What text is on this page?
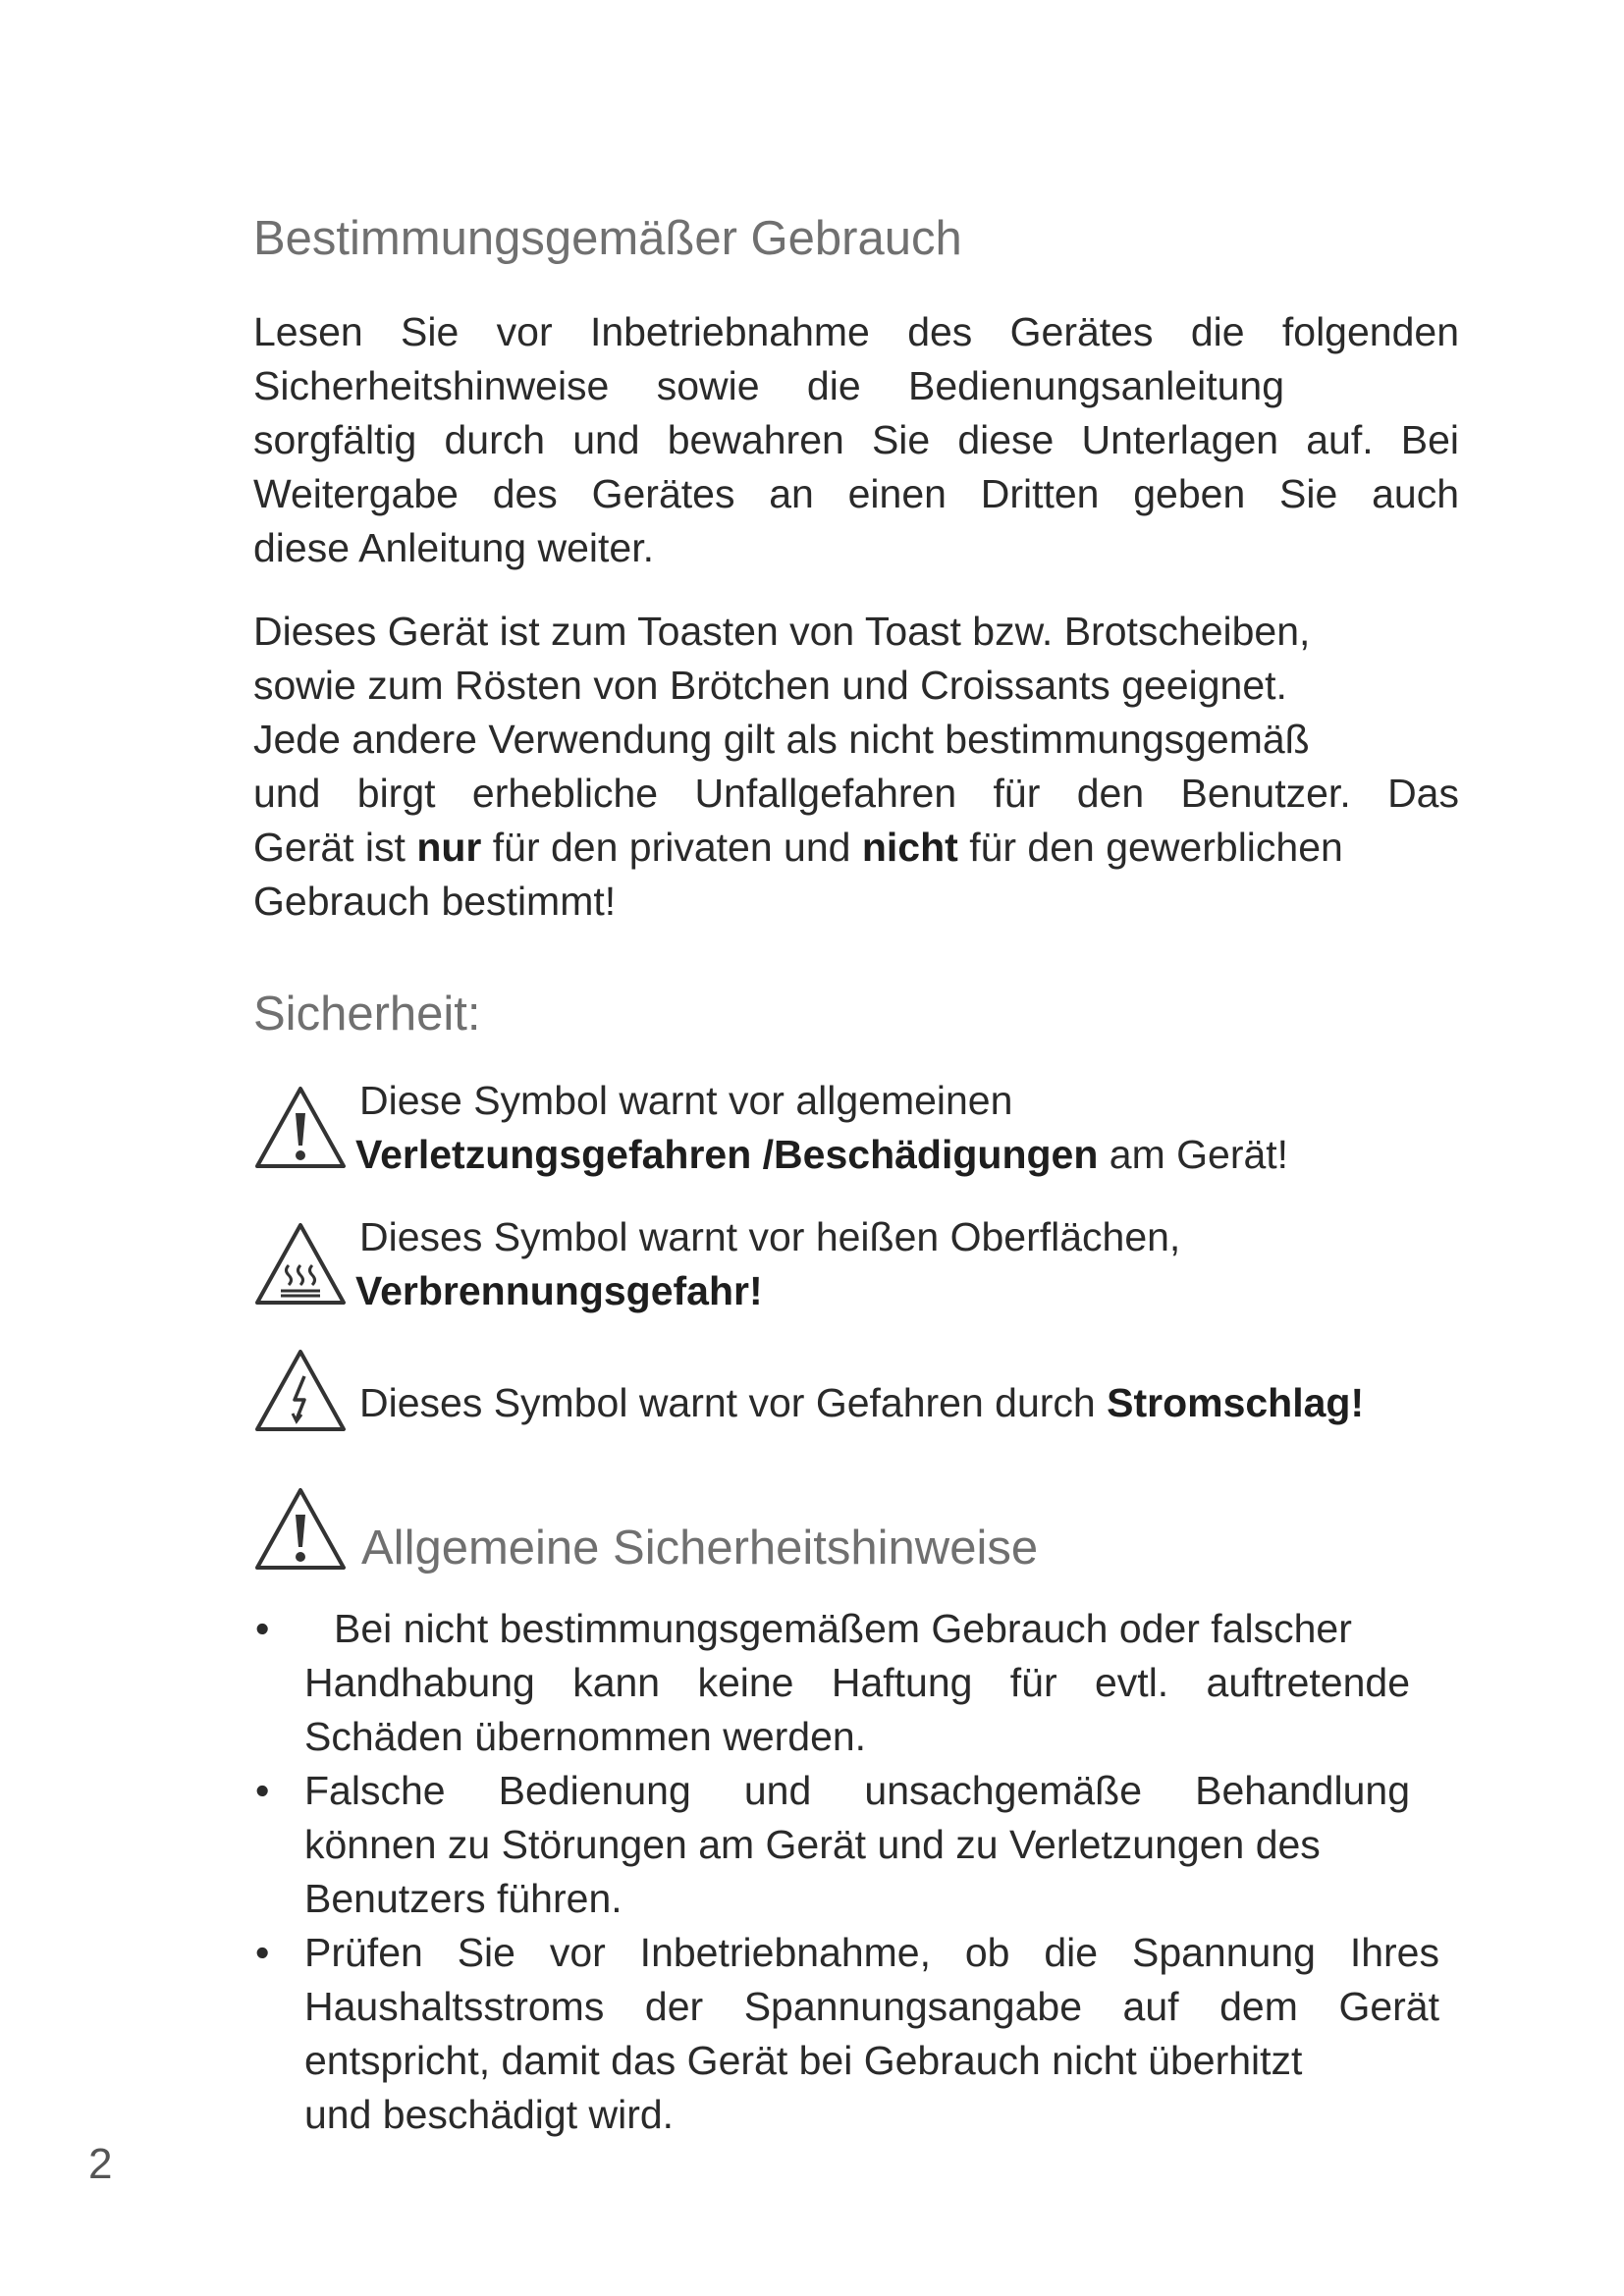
Bestimmungsgemäßer Gebrauch

Lesen Sie vor Inbetriebnahme des Gerätes die folgenden
Sicherheitshinweise sowie die Bedienungsanleitung
sorgfältig durch und bewahren Sie diese Unterlagen auf. Bei
Weitergabe des Gerätes an einen Dritten geben Sie auch
diese Anleitung weiter.

Dieses Gerät ist zum Toasten von Toast bzw. Brotscheiben,
sowie zum Rösten von Brötchen und Croissants geeignet.
Jede andere Verwendung gilt als nicht bestimmungsgemäß
und birgt erhebliche Unfallgefahren für den Benutzer. Das
Gerät ist nur für den privaten und nicht für den gewerblichen
Gebrauch bestimmt!

Sicherheit:
Diese Symbol warnt vor allgemeinen
Verletzungsgefahren /Beschädigungen am Gerät!
Dieses Symbol warnt vor heißen Oberflächen,
Verbrennungsgefahr!
Dieses Symbol warnt vor Gefahren durch Stromschlag!
Allgemeine Sicherheitshinweise
•	Bei nicht bestimmungsgemäßem Gebrauch oder falscher
Handhabung kann keine Haftung für evtl. auftretende
Schäden übernommen werden.
• Falsche Bedienung und unsachgemäße Behandlung
können zu Störungen am Gerät und zu Verletzungen des
Benutzers führen.
• Prüfen Sie vor Inbetriebnahme, ob die Spannung Ihres
Haushaltsstroms der Spannungsangabe auf dem Gerät
entspricht, damit das Gerät bei Gebrauch nicht überhitzt
und beschädigt wird.
2
